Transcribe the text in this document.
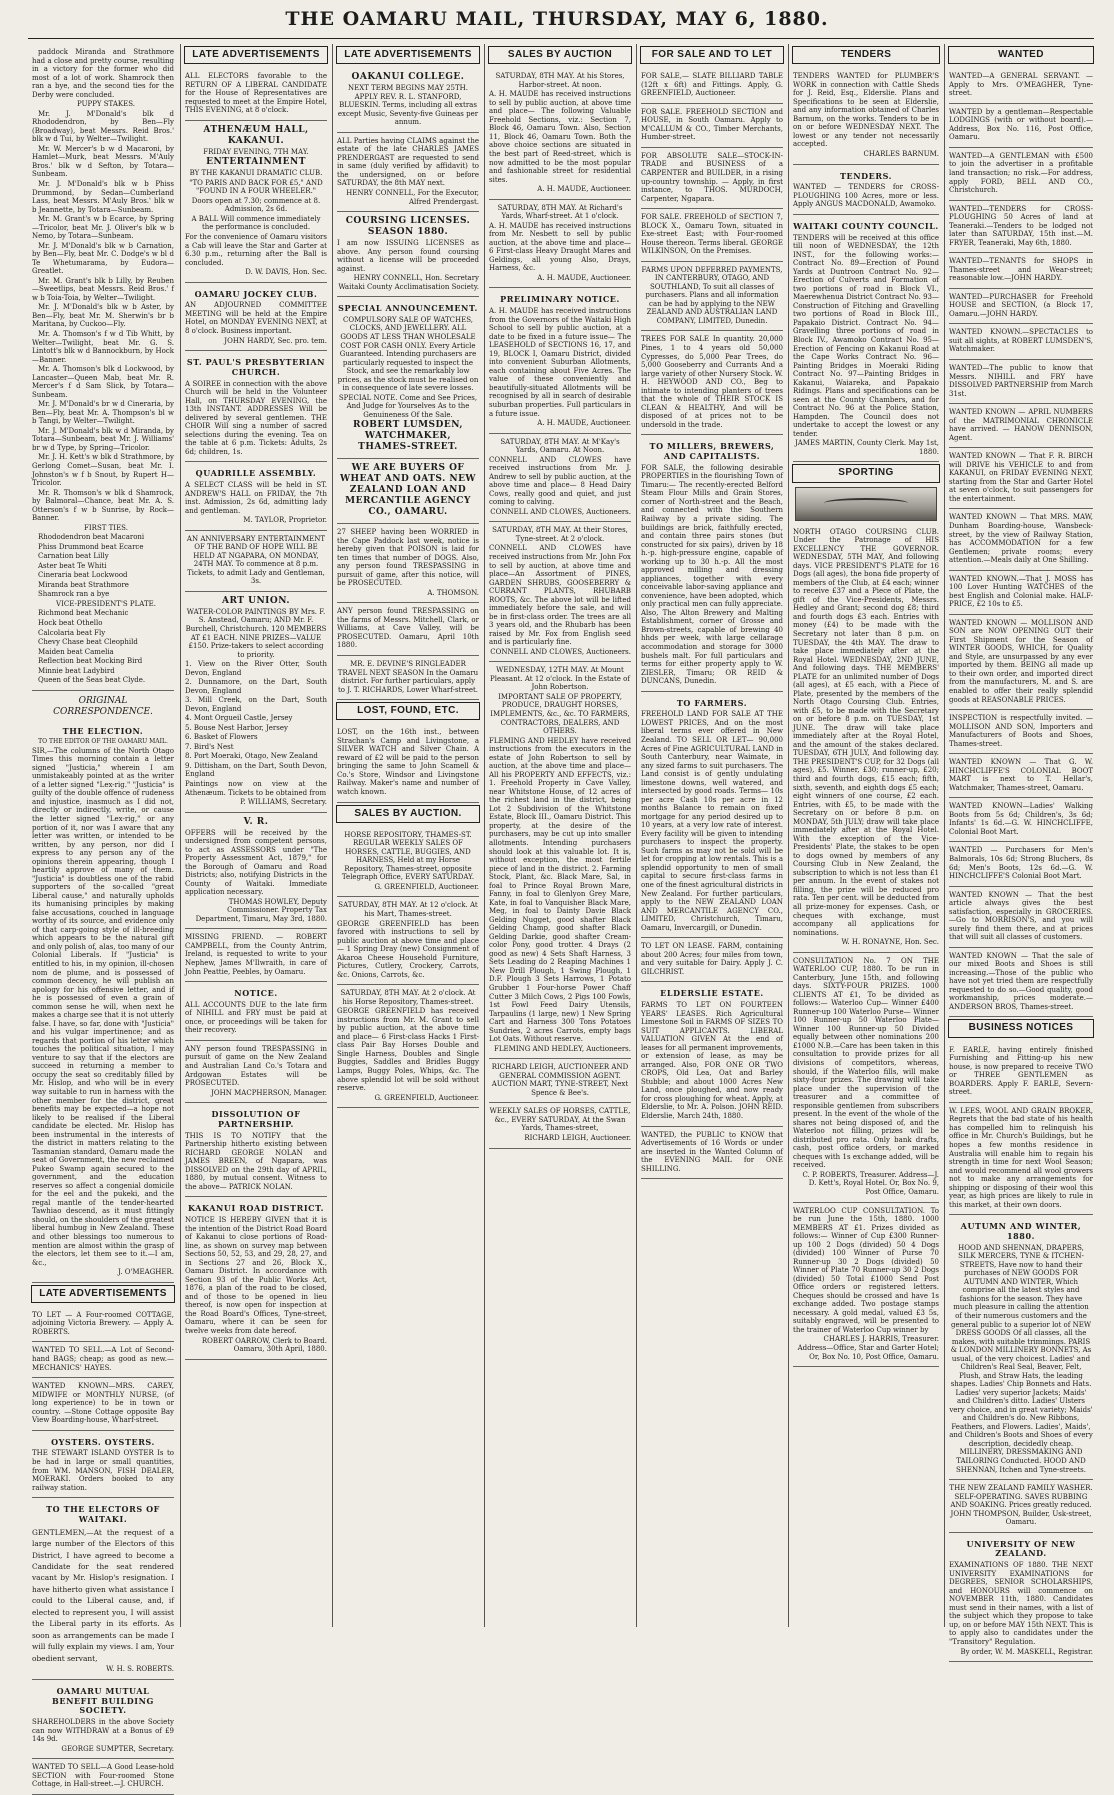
THE OAMARU MAIL, THURSDAY, MAY 6, 1880.

paddock Miranda and Strathmore had a close and pretty course, resulting in a victory for the former who did most of a lot of work. Shamrock then ran a bye, and the second ties for the Derby were concluded.

PUPPY STAKES.

Mr. J. M'Donald's blk d Rhododendron, by Ben—Fly (Broadway), beat Messrs. Reid Bros.' blk w d Tui, by Welter—Twilight.

Mr. W. Mercer's b w d Macaroni, by Hamlet—Murk, beat Messrs. M'Auly Bros.' blk w d Sefton, by Totara—Sunbeam.

Mr. J. M'Donald's blk w b Phiss Drummond, by Sedan—Cumberland Lass, beat Messrs. M'Auly Bros.' blk w b Jeannette, by Totara—Sunbeam.

Mr. M. Grant's w b Ecarce, by Spring—Tricolor, beat Mr. J. Oliver's blk w b Nemo, by Totara—Sunbeam.

Mr. J. M'Donald's blk w b Carnation, by Ben—Fly, beat Mr. C. Dodge's w bl d Te Whetumarama, by Eudora—Greatlet.

Mr. M. Grant's blk b Lilly, by Reuben—Sweetlips, beat Messrs. Reid Bros.' f w b Toia-Toia, by Welter—Twilight.

Mr. J. M'Donald's blk w b Aster, by Ben—Fly, beat Mr. M. Sherwin's br b Maritana, by Cuckoo—Fly.

Mr. A. Thomson's f w d Tib Whitt, by Welter—Twilight, beat Mr. G. S. Lintott's blk w d Bannockburn, by Hock—Banner.

Mr. A. Thomson's blk d Lockwood, by Lancaster—Queen Mab, beat Mr. R. Mercer's f d Sam Slick, by Totara—Sunbeam.

Mr. J. M'Donald's br w d Cineraria, by Ben—Fly, beat Mr. A. Thompson's bl w b Tangi, by Welter—Twilight.

Mr. J. M'Donald's blk w d Miranda, by Totara—Sunbeam, beat Mr. J. Williams' br w d Type, by Spring—Tricolor.

Mr. J. H. Kett's w blk d Strathmore, by Gerlong Comet—Susan, beat Mr. I. Johnston's w f b Snout, by Rupert H—Tricolor.

Mr. R. Thomson's w blk d Shamrock, by Balmoral—Chance, beat Mr. A. S. Otterson's f w b Sunrise, by Rock—Banner.

FIRST TIES.

Rhododendron beat Macaroni

Phiss Drummond beat Ecarce

Carnation beat Lilly

Aster beat Te Whiti

Cineraria beat Lockwood

Miranda beat Strathmore

Shamrock ran a bye

VICE-PRESIDENT'S PLATE.

Richmond beat Mechanic

Hock beat Othello

Calcolaria beat Fly

Chevy Chase beat Cleophild

Maiden beat Camelia

Reflection beat Mocking Bird

Minnie beat Ladybird

Queen of the Seas beat Clyde.

ORIGINAL CORRESPONDENCE.
THE ELECTION.

TO THE EDITOR OF THE OAMARU MAIL.

SIR,—The columns of the North Otago Times this morning contain a letter signed "Justicia," wherein I am unmistakeably pointed at as the writer of a letter signed "Lex-rig." "Justicia" is guilty of the double offence of rudeness and injustice, inasmuch as I did not, directly or indirectly, write, or cause the letter signed "Lex-rig," or any portion of it, nor was I aware that any letter was written, or intended to be written, by any person, nor did I express to any person any of the opinions therein appearing, though I heartily approve of many of them. "Justicia" is doubtless one of the rabid supporters of the so-called "great Liberal cause," and naturally upholds its humanising principles by making false accusations, couched in language worthy of its source, and evidence only of that carp-going style of ill-breeding which appears to be the natural gift and only polish of, alas, too many of our Colonial Liberals. If "Justicia" is entitled to his, in my opinion, ill-chosen nom de plume, and is possessed of common decency, he will publish an apology for his offensive letter, and if he is possessed of even a grain of common sense he will, when next he makes a charge see that it is not utterly false. I have, so far, done with "Justicia" and his vulgar impertinence; and as regards that portion of his letter which touches the political situation, I may venture to say that if the electors are succeed in returning a member to occupy the seat so creditably filled by Mr. Hislop, and who will be in every way suitable to run in harness with the other member for the district, great benefits may be expected—a hope not likely to be realised if the Liberal candidate be elected. Mr. Hislop has been instrumental in the interests of the district in matters relating to the Tasmanian standard, Oamaru made the seat of Government, the new reclaimed Pukeo Swamp again secured to the government, and the education reserves so affect a congenial domicile for the eel and the pukeki, and the regal mantle of the tender-hearted Tawhiao descend, as it must fittingly should, on the shoulders of the greatest liberal humbug in New Zealand. These and other blessings too numerous to mention are almost within the grasp of the electors, let them see to it.—I am, &c.,

J. O'MEAGHER.

LATE ADVERTISEMENTS

TO LET — A Four-roomed COTTAGE, adjoining Victoria Brewery. — Apply A. ROBERTS.

WANTED TO SELL.—A Lot of Second-hand BAGS; cheap; as good as new.—MECHANICS' HAYES.

WANTED KNOWN—MRS. CAREY, MIDWIFE or MONTHLY NURSE, (of long experience) to be in town or country. —Stone Cottage opposite Bay View Boarding-house, Wharf-street.

OYSTERS. OYSTERS.

THE STEWART ISLAND OYSTER Is to be had in large or small quantities, from WM. MANSON, FISH DEALER, MOERAKI. Orders booked to any railway station.

TO THE ELECTORS OF WAITAKI.

GENTLEMEN,—At the request of a large number of the Electors of this District, I have agreed to become a Candidate for the seat rendered vacant by Mr. Hislop's resignation. I have hitherto given what assistance I could to the Liberal cause, and, if elected to represent you, I will assist the Liberal party in its efforts. As soon as arrangements can be made I will fully explain my views. I am, Your obedient servant,

W. H. S. ROBERTS.

OAMARU MUTUAL BENEFIT BUILDING SOCIETY.

SHAREHOLDERS in the above Society can now WITHDRAW at a Bonus of £9 14s 9d.

GEORGE SUMPTER, Secretary.

WANTED TO SELL—A Good Lease-hold SECTION with Four-roomed Stone Cottage, in Hall-street.—J. CHURCH.

LATE ADVERTISEMENTS

ALL ELECTORS favorable to the RETURN OF A LIBERAL CANDIDATE for the House of Representatives are requested to meet at the Empire Hotel, THIS EVENING, at 8 o'clock.

ATHENÆUM HALL, KAKANUI.

FRIDAY EVENING, 7TH MAY.

ENTERTAINMENT

BY THE KAKANUI DRAMATIC CLUB.

"TO PARIS AND BACK FOR £5," AND "FOUND IN A FOUR WHEELER."

Doors open at 7.30; commence at 8. Admission, 2s 6d.

A BALL Will commence immediately the performance is concluded.

For the convenience of Oamaru visitors a Cab will leave the Star and Garter at 6.30 p.m., returning after the Ball is concluded.

D. W. DAVIS, Hon. Sec.

OAMARU JOCKEY CLUB.

AN ADJOURNED COMMITTEE MEETING will be held at the Empire Hotel, on MONDAY EVENING NEXT, at 8 o'clock. Business important.

JOHN HARDY, Sec. pro. tem.

ST. PAUL'S PRESBYTERIAN CHURCH.

A SOIREE in connection with the above Church will be held in the Volunteer Hall, on THURSDAY EVENING, the 13th INSTANT. ADDRESSES Will be delivered by several gentlemen. THE CHOIR Will sing a number of sacred selections during the evening. Tea on the table at 6 p.m. Tickets: Adults, 2s 6d; children, 1s.

QUADRILLE ASSEMBLY.

A SELECT CLASS will be held in ST. ANDREW'S HALL on FRIDAY, the 7th inst. Admission, 2s 6d, admitting lady and gentleman.

M. TAYLOR, Proprietor.

AN ANNIVERSARY ENTERTAINMENT OF THE BAND OF HOPE WILL BE HELD AT NGAPARA, ON MONDAY, 24TH MAY. To commence at 8 p.m. Tickets, to admit Lady and Gentleman, 3s.

ART UNION.

WATER-COLOR PAINTINGS BY Mrs. F. S. Anstead, Oamaru; AND Mr. F. Burchell, Christchurch. 120 MEMBERS AT £1 EACH. NINE PRIZES—VALUE £150. Prize-takers to select according to priority.

1. View on the River Otter, South Devon, England

2. Dunnamore, on the Dart, South Devon, England

3. Mill Creek, on the Dart, South Devon, England

4. Mont Orgueil Castle, Jersey

5. Bouse Nest Harbor, Jersey

6. Basket of Flowers

7. Bird's Nest

8. Port Moeraki, Otago, New Zealand

9. Dittisham, on the Dart, South Devon, England

Paintings now on view at the Athenæum. Tickets to be obtained from

P. WILLIAMS, Secretary.

V. R.

OFFERS will be received by the undersigned from competent persons, to act as ASSESSORS under "The Property Assessment Act, 1879," for the Borough of Oamaru and Road Districts; also, notifying Districts in the County of Waitaki. Immediate application necessary.

THOMAS HOWLEY, Deputy Commissioner. Property Tax Department, Timaru, May 3rd, 1880.

MISSING FRIEND. — ROBERT CAMPBELL, from the County Antrim, Ireland, is requested to write to your Nephew, James M'Ilwraith, in care of John Peattie, Peebles, by Oamaru.

NOTICE.

ALL ACCOUNTS DUE to the late firm of NIHILL and FRY must be paid at once, or proceedings will be taken for their recovery.

ANY person found TRESPASSING in pursuit of game on the New Zealand and Australian Land Co.'s Totara and Ardgowan Estates will be PROSECUTED.

JOHN MACPHERSON, Manager.

DISSOLUTION OF PARTNERSHIP.

THIS IS TO NOTIFY that the Partnership hitherto existing between RICHARD GEORGE NOLAN and JAMES BREEN, of Ngapara, was DISSOLVED on the 29th day of APRIL, 1880, by mutual consent. Witness to the above— PATRICK NOLAN.

KAKANUI ROAD DISTRICT.

NOTICE IS HEREBY GIVEN that it is the intention of the District Road Board of Kakanui to close portions of Road-line, as shown on survey map between Sections 50, 52, 53, and 29, 28, 27, and in Sections 27 and 26, Block X., Oamaru District. In accordance with Section 93 of the Public Works Act, 1876, a plan of the road to be closed, and of those to be opened in lieu thereof, is now open for inspection at the Road Board's Offices, Tyne-street, Oamaru, where it can be seen for twelve weeks from date hereof.

ROBERT OARROW, Clerk to Board. Oamaru, 30th April, 1880.

LATE ADVERTISEMENTS

OAKANUI COLLEGE.

NEXT TERM BEGINS MAY 25TH. APPLY REV. R. L. STANFORD, BLUESKIN. Terms, including all extras except Music, Seventy-five Guineas per annum.

ALL Parties having CLAIMS against the estate of the late CHARLES JAMES PRENDERGAST are requested to send in same (duly verified by affidavit) to the undersigned, on or before SATURDAY, the 8th MAY next.

HENRY CONNELL, For the Executor, Alfred Prendergast.

COURSING LICENSES. SEASON 1880.

I am now ISSUING LICENSES as above. Any person found coursing without a license will be proceeded against.

HENRY CONNELL, Hon. Secretary Waitaki County Acclimatisation Society.

SPECIAL ANNOUNCEMENT.

COMPULSORY SALE OF WATCHES, CLOCKS, AND JEWELLERY. ALL GOODS AT LESS THAN WHOLESALE COST FOR CASH ONLY. Every Article Guaranteed. Intending purchasers are particularly requested to inspect the Stock, and see the remarkably low prices, as the stock must be realised on in consequence of late severe losses.

SPECIAL NOTE. Come and See Prices, And Judge for Yourselves As to the Genuineness Of the Sale.

ROBERT LUMSDEN, WATCHMAKER, THAMES-STREET.

WE ARE BUYERS OF WHEAT AND OATS. NEW ZEALAND LOAN AND MERCANTILE AGENCY CO., OAMARU.

27 SHEEP having been WORRIED in the Cape Paddock last week, notice is hereby given that POISON is laid for ten times that number of DOGS. Also, any person found TRESPASSING in pursuit of game, after this notice, will be PROSECUTED.

A. THOMSON.

ANY person found TRESPASSING on the farms of Messrs. Mitchell, Clark, or Williams, at Cave Valley, will be PROSECUTED. Oamaru, April 10th 1880.

MR. E. DEVINE'S RINGLEADER TRAVEL NEXT SEASON In the Oamaru district. For further particulars, apply to J. T. RICHARDS, Lower Wharf-street.

LOST, FOUND, ETC.

LOST, on the 16th inst., between Strachan's Camp and Livingstone, a SILVER WATCH and Silver Chain. A reward of £2 will be paid to the person bringing the same to John Scamell & Co.'s Store, Windsor and Livingstone Railway. Maker's name and number of watch known.

SALES BY AUCTION.

HORSE REPOSITORY, THAMES-ST. REGULAR WEEKLY SALES OF HORSES, CATTLE, BUGGIES, AND HARNESS, Held at my Horse Repository, Thames-street, opposite Telegraph Office, EVERY SATURDAY.

G. GREENFIELD, Auctioneer.

SATURDAY, 8TH MAY. At 12 o'clock. At his Mart, Thames-street.

GEORGE GREENFIELD has been favored with instructions to sell by public auction at above time and place— 1 Spring Dray (new) Consignment of Akaroa Cheese Household Furniture, Pictures, Cutlery, Crockery, Carrots, &c. Onions, Carrots, &c.

SATURDAY, 8TH MAY. At 2 o'clock. At his Horse Repository, Thames-street.

GEORGE GREENFIELD has received instructions from Mr. M. Grant to sell by public auction, at the above time and place— 6 First-class Hacks 1 First-class Pair Bay Horses Double and Single Harness, Doubles and Single Buggies, Saddles and Bridles Buggy Lamps, Buggy Poles, Whips, &c. The above splendid lot will be sold without reserve.

G. GREENFIELD, Auctioneer.

SALES BY AUCTION

SATURDAY, 8TH MAY. At his Stores, Harbor-street. At noon.

A. H. MAUDE has received instructions to sell by public auction, at above time and place— The following Valuable Freehold Sections, viz.: Section 7, Block 46, Oamaru Town. Also, Section 11, Block 46, Oamaru Town. Both the above choice sections are situated in the best part of Reed-street, which is now admitted to be the most popular and fashionable street for residential sites.

A. H. MAUDE, Auctioneer.

SATURDAY, 8TH MAY. At Richard's Yards, Wharf-street. At 1 o'clock.

A. H. MAUDE has received instructions from Mr. Nesbett to sell by public auction, at the above time and place— 6 First-class Heavy Draught Mares and Geldings, all young Also, Drays, Harness, &c.

A. H. MAUDE, Auctioneer.

PRELIMINARY NOTICE.

A. H. MAUDE has received instructions from the Governors of the Waitaki High School to sell by public auction, at a date to be fixed in a future issue— The LEASEHOLD of SECTIONS 16, 17, and 19, BLOCK I, Oamaru District, divided into convenient Suburban Allotments, each containing about Five Acres. The value of these conveniently and beautifully-situated Allotments will be recognised by all in search of desirable suburban properties. Full particulars in a future issue.

A. H. MAUDE, Auctioneer.

SATURDAY, 8TH MAY. At M'Kay's Yards, Oamaru. At Noon.

CONNELL AND CLOWES have received instructions from Mr. J. Andrew to sell by public auction, at the above time and place— 8 Head Dairy Cows, really good and quiet, and just coming to calving.

CONNELL AND CLOWES, Auctioneers.

SATURDAY, 8TH MAY. At their Stores, Tyne-street. At 2 o'clock.

CONNELL AND CLOWES have received instructions from Mr. John Fox to sell by auction, at above time and place—An Assortment of PINES, GARDEN SHRUBS, GOOSEBERRY & CURRANT PLANTS, RHUBARB ROOTS, &c. The above lot will be lifted immediately before the sale, and will be in first-class order. The trees are all 3 years old, and the Rhubarb has been raised by Mr. Fox from English seed and is particularly fine.

CONNELL AND CLOWES, Auctioneers.

WEDNESDAY, 12TH MAY. At Mount Pleasant. At 12 o'clock. In the Estate of John Robertson.

IMPORTANT SALE OF PROPERTY, PRODUCE, DRAUGHT HORSES, IMPLEMENTS, &c., &c. TO FARMERS, CONTRACTORS, DEALERS, AND OTHERS.

FLEMING AND HEDLEY have received instructions from the executors in the estate of John Robertson to sell by auction, at the above time and place—All his PROPERTY AND EFFECTS, viz.: 1. Freehold Property in Cave Valley, near Whitstone House, of 12 acres of the richest land in the district, being Lot 2 Subdivision of the Whitstone Estate, Block III., Oamaru District. This property, at the desire of the purchasers, may be cut up into smaller allotments. Intending purchasers should look at this valuable lot. It is, without exception, the most fertile piece of land in the district. 2. Farming Stock, Plant, &c. Black Mare, Sal, in foal to Prince Royal Brown Mare, Fanny, in foal to Glenlyon Grey Mare, Kate, in foal to Vanquisher Black Mare, Meg, in foal to Dainty Davie Black Gelding Nugget, good shafter Black Gelding Champ, good shafter Black Gelding Darkie, good shafter Cream-color Pony, good trotter. 4 Drays (2 good as new) 4 Sets Shaft Harness, 3 Sets Leading do 2 Reaping Machines 1 New Drill Plough, 1 Swing Plough, 1 D.F. Plough 3 Sets Harrows, 1 Potato Grubber 1 Four-horse Power Chaff Cutter 3 Milch Cows, 2 Pigs 100 Fowls, 1st Fowl Feed Dairy Utensils, Tarpaulins (1 large, new) 1 New Spring Cart and Harness 300 Tons Potatoes Sundries, 2 acres Carrots, empty bags Lot Oats. Without reserve.

FLEMING AND HEDLEY, Auctioneers.

RICHARD LEIGH, AUCTIONEER AND GENERAL COMMISSION AGENT. AUCTION MART, TYNE-STREET, Next Spence & Bee's.

WEEKLY SALES OF HORSES, CATTLE, &c., EVERY SATURDAY, At the Swan Yards, Thames-street,

RICHARD LEIGH, Auctioneer.

FOR SALE AND TO LET

FOR SALE,— SLATE BILLIARD TABLE (12ft x 6ft) and Fittings. Apply, G. GREENFIELD, Auctioneer.

FOR SALE. FREEHOLD SECTION and HOUSE, in South Oamaru. Apply to M'CALLUM & CO., Timber Merchants, Humber-street.

FOR ABSOLUTE SALE—STOCK-IN-TRADE and BUSINESS of a CARPENTER and BUILDER, in a rising up-country township. — Apply, in first instance, to THOS. MURDOCH, Carpenter, Ngapara.

FOR SALE. FREEHOLD of SECTION 7, BLOCK X., Oamaru Town, situated in Exe-street East; with Four-roomed House thereon. Terms liberal. GEORGE WILKINSON, On the Premises.

FARMS UPON DEFERRED PAYMENTS, IN CANTERBURY, OTAGO, AND SOUTHLAND, To suit all classes of purchasers. Plans and all information can be had by applying to the NEW ZEALAND AND AUSTRALIAN LAND COMPANY, LIMITED, Dunedin.

TREES FOR SALE In quantity. 20,000 Pines, 1 to 4 years old 50,000 Cypresses, do 5,000 Pear Trees, do 5,000 Gooseberry and Currants And a large variety of other Nursery Stock. W. H. HEYWOOD AND CO., Beg to intimate to intending planters of trees that the whole of THEIR STOCK IS CLEAN & HEALTHY, And will be disposed of at prices not to be undersold in the trade.

TO MILLERS, BREWERS, AND CAPITALISTS.

FOR SALE, the following desirable PROPERTIES in the flourishing Town of Timaru:— The recently-erected Belford Steam Flour Mills and Grain Stores, corner of North-street and the Beach, and connected with the Southern Railway by a private siding. The buildings are brick, faithfully erected, and contain three pairs stones (but constructed for six pairs), driven by 18 h.-p. high-pressure engine, capable of working up to 30 h.-p. All the most approved milling and dressing appliances, together with every conceivable labor-saving appliance and convenience, have been adopted, which only practical men can fully appreciate. Also, The Alton Brewery and Malting Establishment, corner of Grosse and Brown-streets, capable of brewing 40 hhds per week, with large cellarage accommodation and storage for 3000 bushels malt. For full particulars and terms for either property apply to W. ZIESLER, Timaru; OR REID & DUNCANS, Dunedin.

TO FARMERS.

FREEHOLD LAND FOR SALE AT THE LOWEST PRICES, And on the most liberal terms ever offered in New Zealand. TO SELL OR LET— 90,000 Acres of Fine AGRICULTURAL LAND in South Canterbury, near Waimate, in any sized farms to suit purchasers. The Land consist is of gently undulating limestone downs, well watered, and intersected by good roads. Terms— 10s per acre Cash 10s per acre in 12 months Balance to remain on fixed mortgage for any period desired up to 10 years, at a very low rate of interest. Every facility will be given to intending purchasers to inspect the property. Such farms as may not be sold will be let for cropping at low rentals. This is a splendid opportunity to men of small capital to secure first-class farms in one of the finest agricultural districts in New Zealand. For further particulars, apply to the NEW ZEALAND LOAN AND MERCANTILE AGENCY CO., LIMITED, Christchurch, Timaru, Oamaru, Invercargill, or Dunedin.

TO LET ON LEASE. FARM, containing about 200 Acres; four miles from town, and very suitable for Dairy. Apply J. C. GILCHRIST.

ELDERSLIE ESTATE.

FARMS TO LET ON FOURTEEN YEARS' LEASES. Rich Agricultural Limestone Soil in FARMS OF SIZES TO SUIT APPLICANTS. LIBERAL VALUATION GIVEN At the end of leases for all permanent improvements, or extension of lease, as may be arranged. Also, FOR ONE OR TWO CROPS, Old Lea, Oat and Barley Stubble; and about 1000 Acres New Land, once ploughed, and now ready for cross ploughing for wheat. Apply, at Elderslie, to Mr. A. Polson. JOHN REID. Elderslie, March 24th, 1880.

WANTED, the PUBLIC to KNOW that Advertisements of 16 Words or under are inserted in the Wanted Column of the EVENING MAIL for ONE SHILLING.

TENDERS

TENDERS WANTED for PLUMBER'S WORK in connection with Cattle Sheds for J. Reid, Esq., Elderslie. Plans and Specifications to be seen at Elderslie, and any information obtained of Charles Barnum, on the works. Tenders to be in on or before WEDNESDAY NEXT. The lowest or any tender not necessarily accepted.

CHARLES BARNUM.

TENDERS.

WANTED — TENDERS for CROSS-PLOUGHING 100 Acres, more or less. Apply ANGUS MACDONALD, Awamoko.

WAITAKI COUNTY COUNCIL.

TENDERS will be received at this office till noon of WEDNESDAY, the 12th INST., for the following works:— Contract No. 89—Erection of Pound Yards at Duntroon Contract No. 92—Erection of Culverts and Formation of two portions of road in Block VI., Maerewhenua District Contract No. 93—Construction of Fitching and Gravelling two portions of Road in Block III., Papakaio District. Contract No. 94—Gravelling three portions of road in Block IV., Awamoko Contract No. 95—Erection of Fencing on Kakanui Road at the Cape Works Contract No. 96—Painting Bridges in Moeraki Riding Contract No. 97—Painting Bridges in Kakanui, Waiareka, and Papakaio Ridings. Plans and specifications can be seen at the County Chambers, and for Contract No. 96 at the Police Station, Hampden. The Council does not undertake to accept the lowest or any tender.

JAMES MARTIN, County Clerk. May 1st, 1880.

SPORTING

NORTH OTAGO COURSING CLUB. Under the Patronage of HIS EXCELLENCY THE GOVERNOR. WEDNESDAY, 5TH MAY, And following days. VICE PRESIDENT'S PLATE for 16 Dogs (all ages), the bona fide property of members of the Club, at £4 each; winner to receive £37 and a Piece of Plate, the gift of the Vice-Presidents, Messrs. Hedley and Grant; second dog £8; third and fourth dogs £3 each. Entries with money (£4) to be made with the Secretary not later than 8 p.m. on TUESDAY, the 4th MAY. The draw to take place immediately after at the Royal Hotel. WEDNESDAY, 2ND JUNE, And following days. THE MEMBERS' PLATE for an unlimited number of Dogs (all ages), at £5 each, with a Piece of Plate, presented by the members of the North Otago Coursing Club. Entries, with £5, to be made with the Secretary on or before 8 p.m. on TUESDAY, 1st JUNE. The draw will take place immediately after at the Royal Hotel, and the amount of the stakes declared. TUESDAY, 6TH JULY, And following day. THE PRESIDENT'S CUP, for 32 Dogs (all ages), £5. Winner, £30; runner-up, £20; third and fourth dogs, £15 each; fifth, sixth, seventh, and eighth dogs £5 each; eight winners of one course, £2 each. Entries, with £5, to be made with the Secretary on or before 8 p.m. on MONDAY, 5th JULY; draw will take place immediately after at the Royal Hotel. With the exception of the Vice-Presidents' Plate, the stakes to be open to dogs owned by members of any Coursing Club in New Zealand, the subscription to which is not less than £1 per annum. In the event of stakes not filling, the prize will be reduced pro rata. Ten per cent. will be deducted from all prize-money for expenses. Cash, or cheques with exchange, must accompany all applications for nominations.

W. H. RONAYNE, Hon. Sec.

CONSULTATION No. 7 ON THE WATERLOO CUP, 1880. To be run in Canterbury, June 15th, and following days. SIXTY-FOUR PRIZES. 1000 CLIENTS AT £1, To be divided as follows:— Waterloo Cup— Winner £400 Runner-up 100 Waterloo Purse— Winner 100 Runner-up 50 Waterloo Plate— Winner 100 Runner-up 50 Divided equally between other nominations 200 £1000 N.B.—Care has been taken in this consultation to provide prizes for all divisions of competitors, whereas, should, if the Waterloo fills, will make sixty-four prizes. The drawing will take place under the supervision of the treasurer and a committee of responsible gentlemen from subscribers present. In the event of the whole of the shares not being disposed of, and the Waterloo not filling, prizes will be distributed pro rata. Only bank drafts, cash, post office orders, or marked cheques with 1s exchange added, will be received.

C. P. ROBERTS, Treasurer. Address—J. D. Kett's, Royal Hotel. Or, Box No. 9, Post Office, Oamaru.

WATERLOO CUP CONSULTATION. To be run June the 15th, 1880. 1000 MEMBERS AT £1. Prizes divided as follows:— Winner of Cup £300 Runner-up 100 2 Dogs (divided) 50 4 Dogs (divided) 100 Winner of Purse 70 Runner-up 30 2 Dogs (divided) 50 Winner of Plate 70 Runner-up 30 2 Dogs (divided) 50 Total £1000 Send Post Office orders or registered letters. Cheques should be crossed and have 1s exchange added. Two postage stamps necessary. A gold medal, valued £3 5s, suitably engraved, will be presented to the trainer of Waterloo Cup winner by

CHARLES J. HARRIS, Treasurer. Address—Office, Star and Garter Hotel; Or, Box No. 10, Post Office, Oamaru.

WANTED

WANTED—A GENERAL SERVANT. — Apply to Mrs. O'MEAGHER, Tyne-street.

WANTED by a gentleman—Respectable LODGINGS (with or without board).—Address, Box No. 116, Post Office, Oamaru.

WANTED—A GENTLEMAN with £500 to join the advertiser in a profitable land transaction; no risk.—For address, apply FORD, BELL AND CO., Christchurch.

WANTED—TENDERS for CROSS-PLOUGHING 50 Acres of land at Teaneraki.—Tenders to be lodged not later than SATURDAY, 15th inst.—M. FRYER, Teaneraki, May 6th, 1880.

WANTED—TENANTS for SHOPS in Thames-street and Wear-street; reasonable low.—JOHN HARDY.

WANTED—PURCHASER for Freehold HOUSE and SECTION, (a Block 17, Oamaru.—JOHN HARDY.

WANTED KNOWN.—SPECTACLES to suit all sights, at ROBERT LUMSDEN'S, Watchmaker.

WANTED—The public to know that Messrs. NIHILL and FRY have DISSOLVED PARTNERSHIP from March 31st.

WANTED KNOWN — APRIL NUMBERS of the MATRIMONIAL CHRONICLE have arrived. — HANOW DENNISON, Agent.

WANTED KNOWN — That F. R. BIRCH will DRIVE his VEHICLE to and from KAKANUI, on FRIDAY EVENING NEXT, starting from the Star and Garter Hotel at seven o'clock, to suit passengers for the entertainment.

WANTED KNOWN — That MRS. MAW, Dunham Boarding-house, Wansbeck-street, by the view of Railway Station, has ACCOMMODATION for a few Gentlemen; private rooms; every attention.—Meals daily at One Shilling.

WANTED KNOWN.—That J. MOSS has 100 Lover Hunting WATCHES of the best English and Colonial make. HALF-PRICE, £2 10s to £5.

WANTED KNOWN — MOLLISON AND SON are NOW OPENING OUT their First Shipment for the Season of WINTER GOODS, WHICH, for Quality and Style, are unsurpassed by any ever imported by them. BEING all made up to their own order, and imported direct from the manufacturers, M. and S. are enabled to offer their really splendid goods at REASONABLE PRICES.

INSPECTION is respectfully invited. — MOLLISON AND SON, Importers and Manufacturers of Boots and Shoes, Thames-street.

WANTED KNOWN — That G. W. HINCHCLIFFE'S COLONIAL BOOT MART is next to T. Hellar's, Watchmaker, Thames-street, Oamaru.

WANTED KNOWN—Ladies' Walking Boots from 5s 6d; Children's, 3s 6d; Infants' 1s 6d.—G. W. HINCHCLIFFE, Colonial Boot Mart.

WANTED — Purchasers for Men's Balmorals, 10s 6d; Strong Bluchers, 8s 6d; Men's Boots, 12s 6d.—G. W. HINCHCLIFFE'S Colonial Boot Mart.

WANTED KNOWN — That the best article always gives the best satisfaction, especially in GROCERIES.—Go to MORRISON'S, and you will surely find them there, and at prices that will suit all classes of customers.

WANTED KNOWN — That the sale of our mixed Boots and Shoes is still increasing.—Those of the public who have not yet tried them are respectfully requested to do so.—Good quality, good workmanship, prices moderate.—ANDERSON BROS, Thames-street.

BUSINESS NOTICES

F. EARLE, having entirely finished Furnishing and Fitting-up his new house, is now prepared to receive TWO or THREE GENTLEMEN as BOARDERS. Apply F. EARLE, Severn-street.

W. LEES, WOOL AND GRAIN BROKER, Regrets that the bad state of his health has compelled him to relinquish his office in Mr. Church's Buildings, but he hopes a few months residence in Australia will enable him to regain his strength in time for next Wool Season; and would recommend all wool growers not to make any arrangements for shipping or disposing of their wool this year, as high prices are likely to rule in this market, at their own doors.

AUTUMN AND WINTER, 1880.

HOOD AND SHENNAN, DRAPERS, SILK MERCERS, TYNE & ITCHEN-STREETS, Have now to hand their purchases of NEW GOODS FOR AUTUMN AND WINTER, Which comprise all the latest styles and fashions for the season. They have much pleasure in calling the attention of their numerous customers and the general public to a superior lot of NEW DRESS GOODS Of all classes, all the makes, with suitable trimmings. PARIS & LONDON MILLINERY BONNETS, As usual, of the very choicest. Ladies' and Children's Real Seal, Beaver, Felt, Plush, and Straw Hats, the leading shapes. Ladies' Chip Bonnets and Hats. Ladies' very superior Jackets; Maids' and Children's ditto. Ladies' Ulsters very choice, and in great variety; Maids' and Children's do. New Ribbons, Feathers, and Flowers. Ladies', Maids', and Children's Boots and Shoes of every description, decidedly cheap. MILLINERY, DRESSMAKING AND TAILORING Conducted. HOOD AND SHENNAN, Itchen and Tyne-streets.

THE NEW ZEALAND FAMILY WASHER. SELF-OPERATING. SAVES RUBBING AND SOAKING. Prices greatly reduced. JOHN THOMPSON, Builder, Usk-street, Oamaru.

UNIVERSITY OF NEW ZEALAND.

EXAMINATIONS OF 1880. THE NEXT UNIVERSITY EXAMINATIONS for DEGREES, SENIOR SCHOLARSHIPS, and HONOURS will commence on NOVEMBER 11th, 1880. Candidates must send in their names, with a list of the subject which they propose to take up, on or before MAY 15th NEXT. This is to apply also to candidates under the "Transitory" Regulation.

By order, W. M. MASKELL, Registrar.
